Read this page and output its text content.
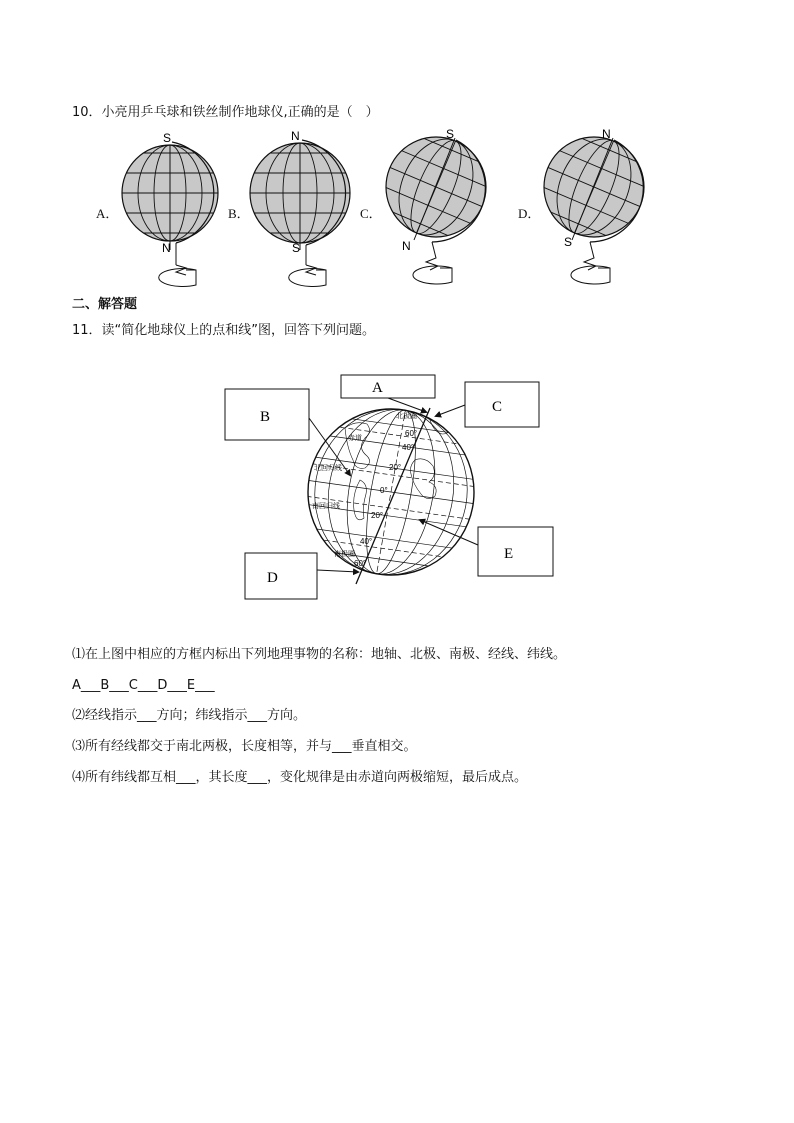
10．小亮用乒乓球和铁丝制作地球仪,正确的是（　）
S
N
N
S
S
N
N
S
A．	B．	C．	D．
二、解答题
11．读“简化地球仪上的点和线”图，回答下列问题。
60°
40°
20°
0°
20°
40°
60°
北极圈
北回归线
赤道
南回归线
南极圈
A
B
C
D
E
⑴在上图中相应的方框内标出下列地理事物的名称：地轴、北极、南极、经线、纬线。
A___B___C___D___E___
⑵经线指示___方向；纬线指示___方向。
⑶所有经线都交于南北两极，长度相等，并与___垂直相交。
⑷所有纬线都互相___，其长度___，变化规律是由赤道向两极缩短，最后成点。
